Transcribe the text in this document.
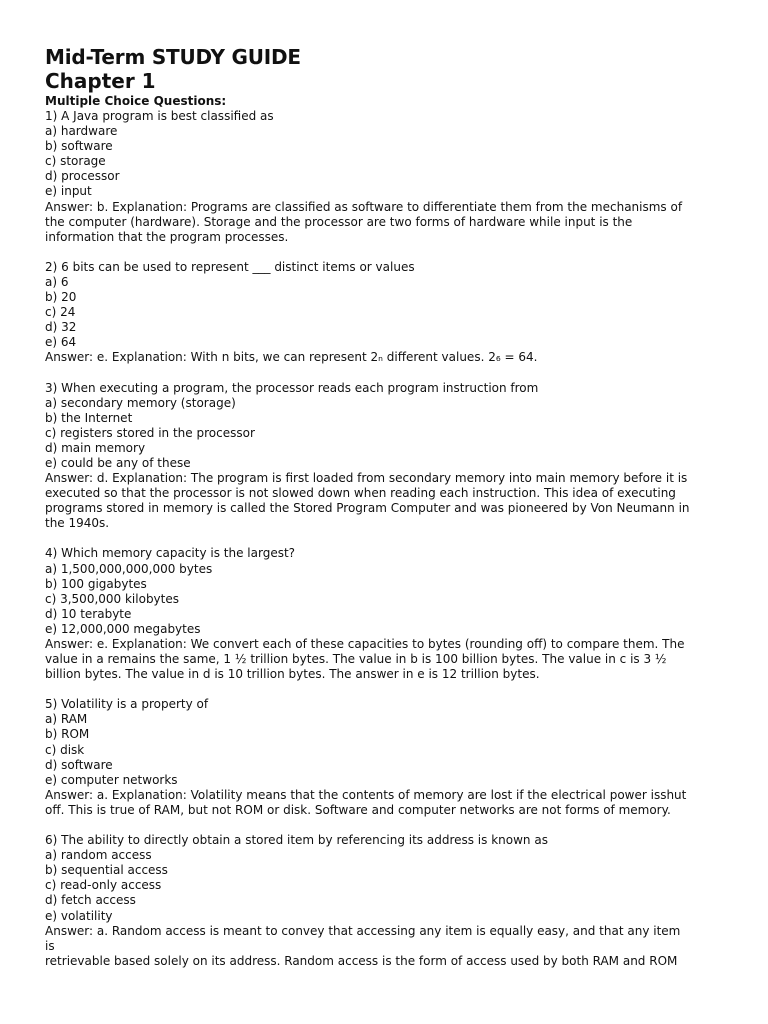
Mid-Term STUDY GUIDE
Chapter 1
Multiple Choice Questions:
1) A Java program is best classified as
a) hardware
b) software
c) storage
d) processor
e) input
Answer: b. Explanation: Programs are classified as software to differentiate them from the mechanisms of
the computer (hardware). Storage and the processor are two forms of hardware while input is the
information that the program processes.
2) 6 bits can be used to represent ___ distinct items or values
a) 6
b) 20
c) 24
d) 32
e) 64
Answer: e. Explanation: With n bits, we can represent 2ₙ different values. 2₆ = 64.
3) When executing a program, the processor reads each program instruction from
a) secondary memory (storage)
b) the Internet
c) registers stored in the processor
d) main memory
e) could be any of these
Answer: d. Explanation: The program is first loaded from secondary memory into main memory before it is
executed so that the processor is not slowed down when reading each instruction. This idea of executing
programs stored in memory is called the Stored Program Computer and was pioneered by Von Neumann in
the 1940s.
4) Which memory capacity is the largest?
a) 1,500,000,000,000 bytes
b) 100 gigabytes
c) 3,500,000 kilobytes
d) 10 terabyte
e) 12,000,000 megabytes
Answer: e. Explanation: We convert each of these capacities to bytes (rounding off) to compare them. The
value in a remains the same, 1 ½ trillion bytes. The value in b is 100 billion bytes. The value in c is 3 ½
billion bytes. The value in d is 10 trillion bytes. The answer in e is 12 trillion bytes.
5) Volatility is a property of
a) RAM
b) ROM
c) disk
d) software
e) computer networks
Answer: a. Explanation: Volatility means that the contents of memory are lost if the electrical power isshut
off. This is true of RAM, but not ROM or disk. Software and computer networks are not forms of memory.
6) The ability to directly obtain a stored item by referencing its address is known as
a) random access
b) sequential access
c) read-only access
d) fetch access
e) volatility
Answer: a. Random access is meant to convey that accessing any item is equally easy, and that any item
is
retrievable based solely on its address. Random access is the form of access used by both RAM and ROM
